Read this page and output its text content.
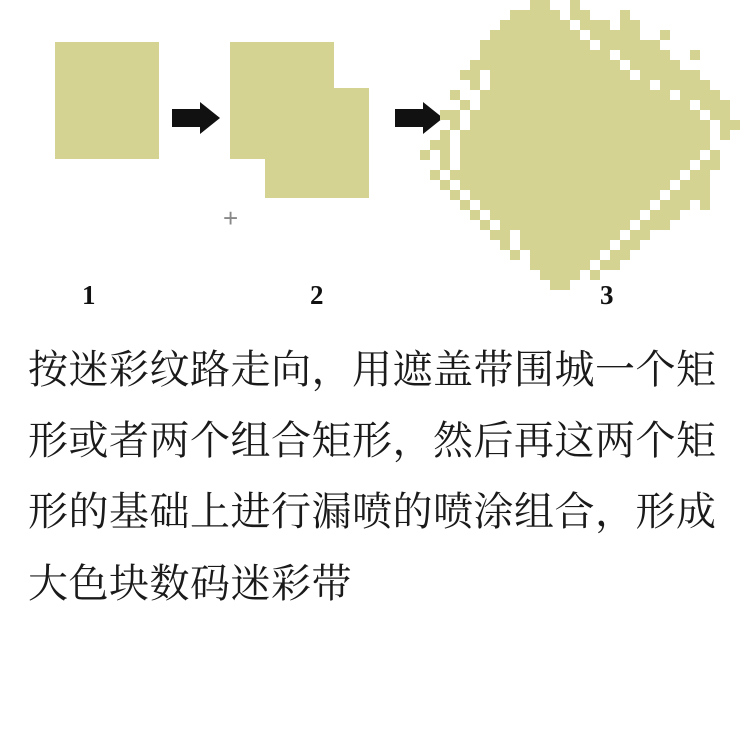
+
1	2	3
按迷彩纹路走向，用遮盖带围城一个矩形或者两个组合矩形，然后再这两个矩形的基础上进行漏喷的喷涂组合，形成大色块数码迷彩带
